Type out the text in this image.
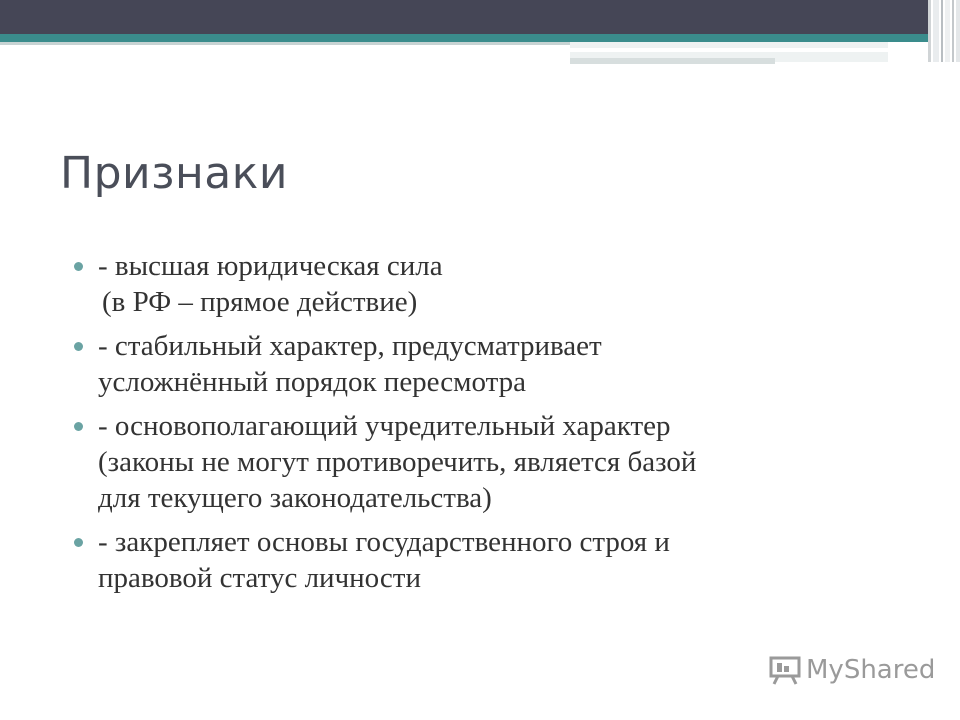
Признаки
- высшая юридическая сила
(в РФ – прямое действие)
- стабильный характер, предусматривает
усложнённый порядок пересмотра
- основополагающий учредительный характер
(законы не могут противоречить, является базой
для текущего законодательства)
- закрепляет основы государственного строя и
правовой статус личности
MyShared
